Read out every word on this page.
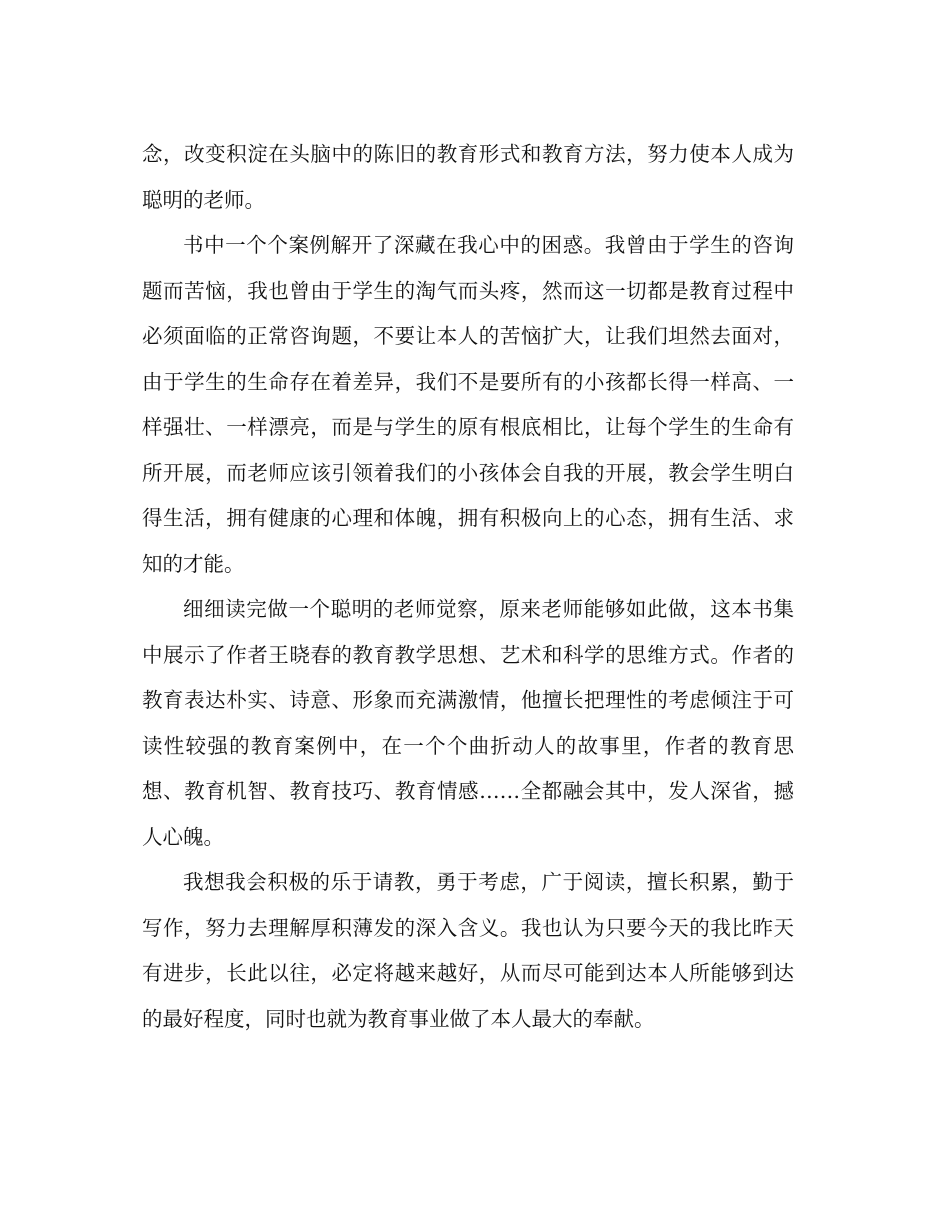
念，改变积淀在头脑中的陈旧的教育形式和教育方法，努力使本人成为聪明的老师。

书中一个个案例解开了深藏在我心中的困惑。我曾由于学生的咨询题而苦恼，我也曾由于学生的淘气而头疼，然而这一切都是教育过程中必须面临的正常咨询题，不要让本人的苦恼扩大，让我们坦然去面对，由于学生的生命存在着差异，我们不是要所有的小孩都长得一样高、一样强壮、一样漂亮，而是与学生的原有根底相比，让每个学生的生命有所开展，而老师应该引领着我们的小孩体会自我的开展，教会学生明白得生活，拥有健康的心理和体魄，拥有积极向上的心态，拥有生活、求知的才能。

细细读完做一个聪明的老师觉察，原来老师能够如此做，这本书集中展示了作者王晓春的教育教学思想、艺术和科学的思维方式。作者的教育表达朴实、诗意、形象而充满激情，他擅长把理性的考虑倾注于可读性较强的教育案例中，在一个个曲折动人的故事里，作者的教育思想、教育机智、教育技巧、教育情感……全都融会其中，发人深省，撼人心魄。

我想我会积极的乐于请教，勇于考虑，广于阅读，擅长积累，勤于写作，努力去理解厚积薄发的深入含义。我也认为只要今天的我比昨天有进步，长此以往，必定将越来越好，从而尽可能到达本人所能够到达的最好程度，同时也就为教育事业做了本人最大的奉献。
